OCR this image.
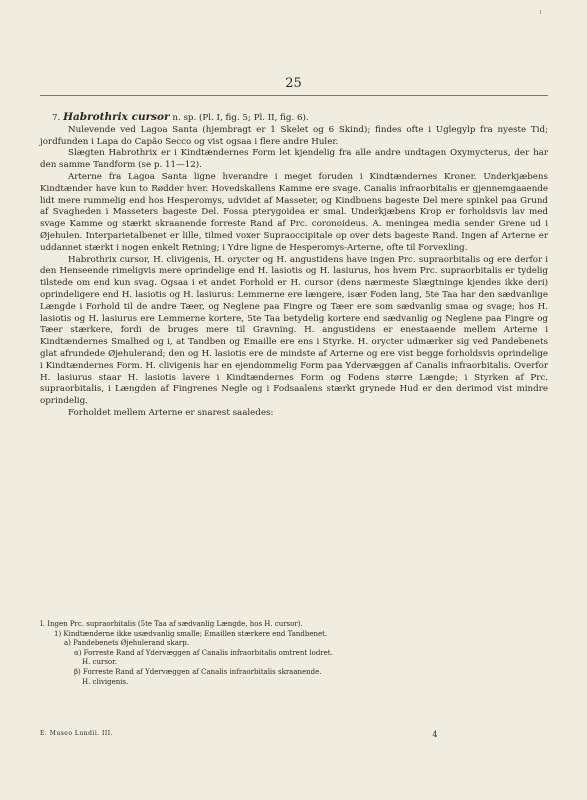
ι
25

7. Habrothrix cursor n. sp. (Pl. I, fig. 5; Pl. II, fig. 6).

Nulevende ved Lagoa Santa (hjembragt er 1 Skelet og 6 Skind); findes ofte i Uglegylp fra nyeste Tid; jordfunden i Lapa do Capão Secco og vist ogsaa i flere andre Huler.

Slægten Habrothrix er i Kindtændernes Form let kjendelig fra alle andre undtagen Oxymycterus, der har den samme Tandform (se p. 11—12).

Arterne fra Lagoa Santa ligne hverandre i meget foruden i Kindtændernes Kroner. Underkjæbens Kindtænder have kun to Rødder hver. Hovedskallens Kamme ere svage. Canalis infraorbitalis er gjennemgaaende lidt mere rummelig end hos Hesperomys, udvidet af Masseter, og Kindbuens bageste Del mere spinkel paa Grund af Svagheden i Masseters bageste Del. Fossa pterygoidea er smal. Underkjæbens Krop er forholdsvis lav med svage Kamme og stærkt skraanende forreste Rand af Prc. coronoideus. A. meningea media sender Grene ud i Øjehulen. Interparietalbenet er lille, tilmed voxer Supraoccipitale op over dets bageste Rand. Ingen af Arterne er uddannet stærkt i nogen enkelt Retning; i Ydre ligne de Hesperomys-Arterne, ofte til Forvexling.

Habrothrix cursor, H. clivigenis, H. orycter og H. angustidens have ingen Prc. supraorbitalis og ere derfor i den Henseende rimeligvis mere oprindelige end H. lasiotis og H. lasiurus, hos hvem Prc. supraorbitalis er tydelig tilstede om end kun svag. Ogsaa i et andet Forhold er H. cursor (dens nærmeste Slægtninge kjendes ikke deri) oprindeligere end H. lasiotis og H. lasiurus: Lemmerne ere længere, især Foden lang, 5te Taa har den sædvanlige Længde i Forhold til de andre Tæer, og Neglene paa Fingre og Tæer ere som sædvanlig smaa og svage; hos H. lasiotis og H. lasiurus ere Lemmerne kortere, 5te Taa betydelig kortere end sædvanlig og Neglene paa Fingre og Tæer stærkere, fordi de bruges mere til Gravning. H. angustidens er enestaaende mellem Arterne i Kindtændernes Smalhed og i, at Tandben og Emaille ere ens i Styrke. H. orycter udmærker sig ved Pandebenets glat afrundede Øjehulerand; den og H. lasiotis ere de mindste af Arterne og ere vist begge forholdsvis oprindelige i Kindtændernes Form. H. clivigenis har en ejendommelig Form paa Ydervæggen af Canalis infraorbitalis. Overfor H. lasiurus staar H. lasiotis lavere i Kindtændernes Form og Fodens større Længde; i Styrken af Prc. supraorbitalis, i Længden af Fingrenes Negle og i Fodsaalens stærkt grynede Hud er den derimod vist mindre oprindelig.

Forholdet mellem Arterne er snarest saaledes:

I. Ingen Prc. supraorbitalis (5te Taa af sædvanlig Længde, hos H. cursor).
1) Kindtænderne ikke usædvanlig smalle; Emaillen stærkere end Tandbenet.
a) Pandebenets Øjehulerand skarp.
α) Forreste Rand af Ydervæggen af Canalis infraorbitalis omtrent lodret.
H. cursor.
β) Forreste Rand af Ydervæggen af Canalis infraorbitalis skraanende.
H. clivigenis.
E. Museo Lundii. III.	4
